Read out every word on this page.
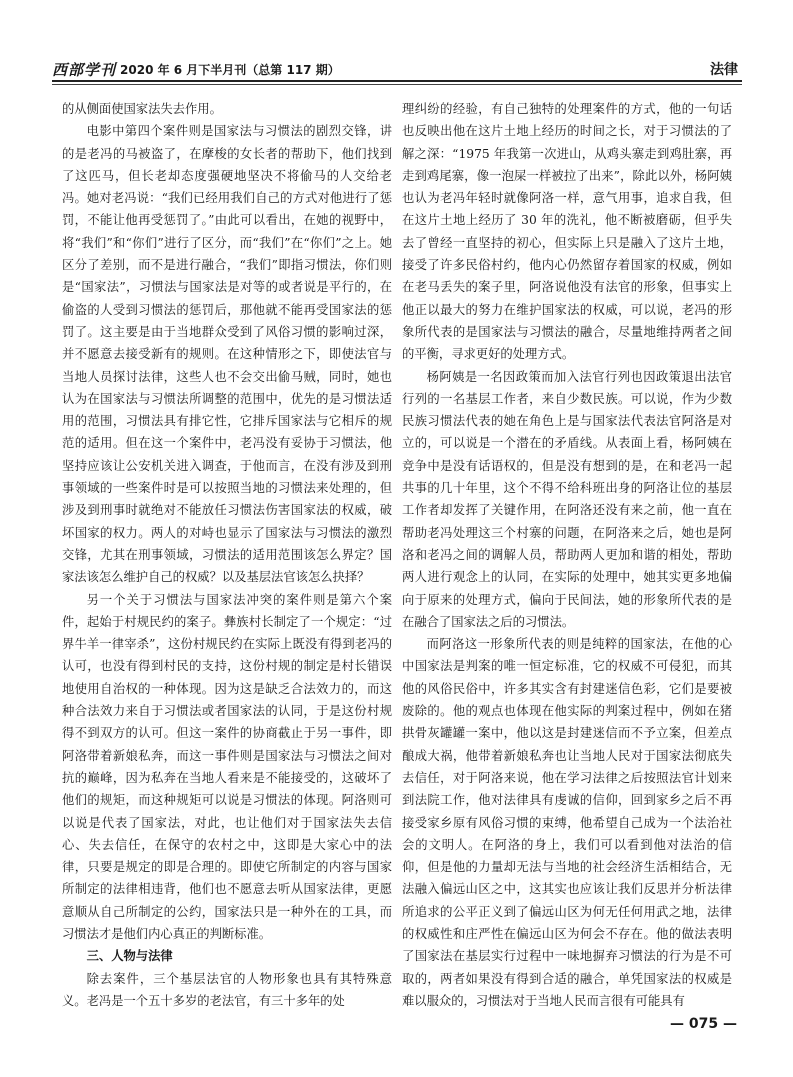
西部学刊 2020 年 6 月下半月刊（总第 117 期）	法律

的从侧面使国家法失去作用。

电影中第四个案件则是国家法与习惯法的剧烈交锋，讲的是老冯的马被盗了，在摩梭的女长者的帮助下，他们找到了这匹马，但长老却态度强硬地坚决不将偷马的人交给老冯。她对老冯说：“我们已经用我们自己的方式对他进行了惩罚，不能让他再受惩罚了。”由此可以看出，在她的视野中，将“我们”和“你们”进行了区分，而“我们”在“你们”之上。她区分了差别，而不是进行融合，“我们”即指习惯法，你们则是“国家法”，习惯法与国家法是对等的或者说是平行的，在偷盗的人受到习惯法的惩罚后，那他就不能再受国家法的惩罚了。这主要是由于当地群众受到了风俗习惯的影响过深，并不愿意去接受新有的规则。在这种情形之下，即使法官与当地人员探讨法律，这些人也不会交出偷马贼，同时，她也认为在国家法与习惯法所调整的范围中，优先的是习惯法适用的范围，习惯法具有排它性，它排斥国家法与它相斥的规范的适用。但在这一个案件中，老冯没有妥协于习惯法，他坚持应该让公安机关进入调查，于他而言，在没有涉及到刑事领域的一些案件时是可以按照当地的习惯法来处理的，但涉及到刑事时就绝对不能放任习惯法伤害国家法的权威，破坏国家的权力。两人的对峙也显示了国家法与习惯法的激烈交锋，尤其在刑事领域，习惯法的适用范围该怎么界定？国家法该怎么维护自己的权威？以及基层法官该怎么抉择？

另一个关于习惯法与国家法冲突的案件则是第六个案件，起始于村规民约的案子。彝族村长制定了一个规定：“过界牛羊一律宰杀”，这份村规民约在实际上既没有得到老冯的认可，也没有得到村民的支持，这份村规的制定是村长错误地使用自治权的一种体现。因为这是缺乏合法效力的，而这种合法效力来自于习惯法或者国家法的认同，于是这份村规得不到双方的认可。但这一案件的协商截止于另一事件，即阿洛带着新娘私奔，而这一事件则是国家法与习惯法之间对抗的巅峰，因为私奔在当地人看来是不能接受的，这破坏了他们的规矩，而这种规矩可以说是习惯法的体现。阿洛则可以说是代表了国家法，对此，也让他们对于国家法失去信心、失去信任，在保守的农村之中，这即是大家心中的法律，只要是规定的即是合理的。即使它所制定的内容与国家所制定的法律相违背，他们也不愿意去听从国家法律，更愿意顺从自己所制定的公约，国家法只是一种外在的工具，而习惯法才是他们内心真正的判断标准。

三、人物与法律

除去案件，三个基层法官的人物形象也具有其特殊意义。老冯是一个五十多岁的老法官，有三十多年的处

理纠纷的经验，有自己独特的处理案件的方式，他的一句话也反映出他在这片土地上经历的时间之长，对于习惯法的了解之深：“1975 年我第一次进山，从鸡头寨走到鸡肚寨，再走到鸡尾寨，像一泡屎一样被拉了出来”，除此以外，杨阿姨也认为老冯年轻时就像阿洛一样，意气用事，追求自我，但在这片土地上经历了 30 年的洗礼，他不断被磨砺，但乎失去了曾经一直坚持的初心，但实际上只是融入了这片土地，接受了许多民俗村约，他内心仍然留存着国家的权威，例如在老马丢失的案子里，阿洛说他没有法官的形象，但事实上他正以最大的努力在维护国家法的权威，可以说，老冯的形象所代表的是国家法与习惯法的融合，尽量地维持两者之间的平衡，寻求更好的处理方式。

杨阿姨是一名因政策而加入法官行列也因政策退出法官行列的一名基层工作者，来自少数民族。可以说，作为少数民族习惯法代表的她在角色上是与国家法代表法官阿洛是对立的，可以说是一个潜在的矛盾线。从表面上看，杨阿姨在竞争中是没有话语权的，但是没有想到的是，在和老冯一起共事的几十年里，这个不得不给科班出身的阿洛让位的基层工作者却发挥了关键作用，在阿洛还没有来之前，他一直在帮助老冯处理这三个村寨的问题，在阿洛来之后，她也是阿洛和老冯之间的调解人员，帮助两人更加和谐的相处，帮助两人进行观念上的认同，在实际的处理中，她其实更多地偏向于原来的处理方式，偏向于民间法，她的形象所代表的是在融合了国家法之后的习惯法。

而阿洛这一形象所代表的则是纯粹的国家法，在他的心中国家法是判案的唯一恒定标准，它的权威不可侵犯，而其他的风俗民俗中，许多其实含有封建迷信色彩，它们是要被废除的。他的观点也体现在他实际的判案过程中，例如在猪拱骨灰罐罐一案中，他以这是封建迷信而不予立案，但差点酿成大祸，他带着新娘私奔也让当地人民对于国家法彻底失去信任，对于阿洛来说，他在学习法律之后按照法官计划来到法院工作，他对法律具有虔诚的信仰，回到家乡之后不再接受家乡原有风俗习惯的束缚，他希望自己成为一个法治社会的文明人。在阿洛的身上，我们可以看到他对法治的信仰，但是他的力量却无法与当地的社会经济生活相结合，无法融入偏远山区之中，这其实也应该让我们反思并分析法律所追求的公平正义到了偏远山区为何无任何用武之地，法律的权威性和庄严性在偏远山区为何会不存在。他的做法表明了国家法在基层实行过程中一味地摒弃习惯法的行为是不可取的，两者如果没有得到合适的融合，单凭国家法的权威是难以服众的，习惯法对于当地人民而言很有可能具有

— 075 —
